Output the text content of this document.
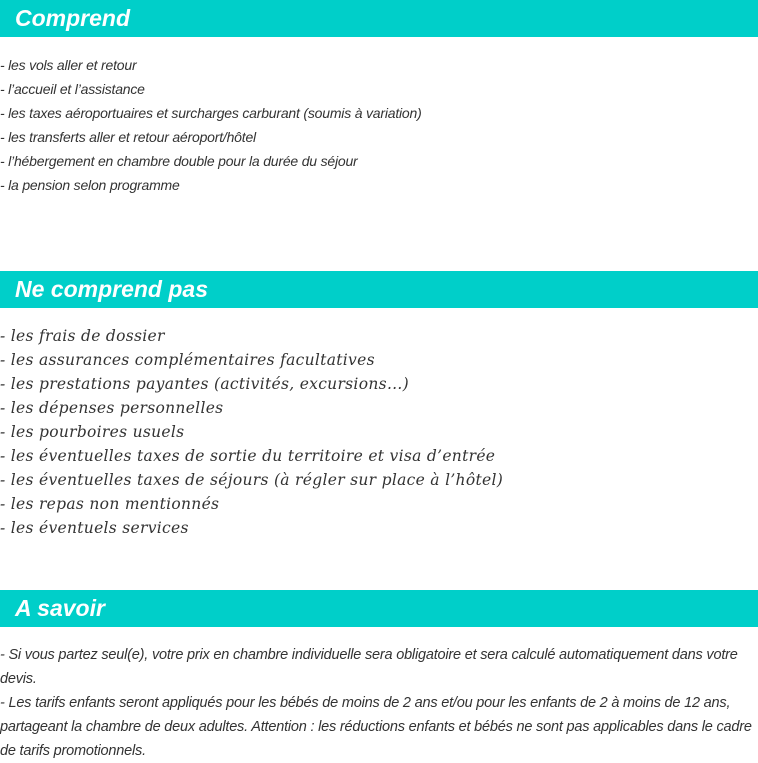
Comprend
- les vols aller et retour
- l’accueil et l’assistance
- les taxes aéroportuaires et surcharges carburant (soumis à variation)
- les transferts aller et retour aéroport/hôtel
- l’hébergement en chambre double pour la durée du séjour
- la pension selon programme
Ne comprend pas
- les frais de dossier
- les assurances complémentaires facultatives
- les prestations payantes (activités, excursions…)
- les dépenses personnelles
- les pourboires usuels
- les éventuelles taxes de sortie du territoire et visa d’entrée
- les éventuelles taxes de séjours (à régler sur place à l’hôtel)
- les repas non mentionnés
- les éventuels services
A savoir

- Si vous partez seul(e), votre prix en chambre individuelle sera obligatoire et sera calculé automatiquement dans votre devis.

- Les tarifs enfants seront appliqués pour les bébés de moins de 2 ans et/ou pour les enfants de 2 à moins de 12 ans, partageant la chambre de deux adultes. Attention : les réductions enfants et bébés ne sont pas applicables dans le cadre de tarifs promotionnels.
